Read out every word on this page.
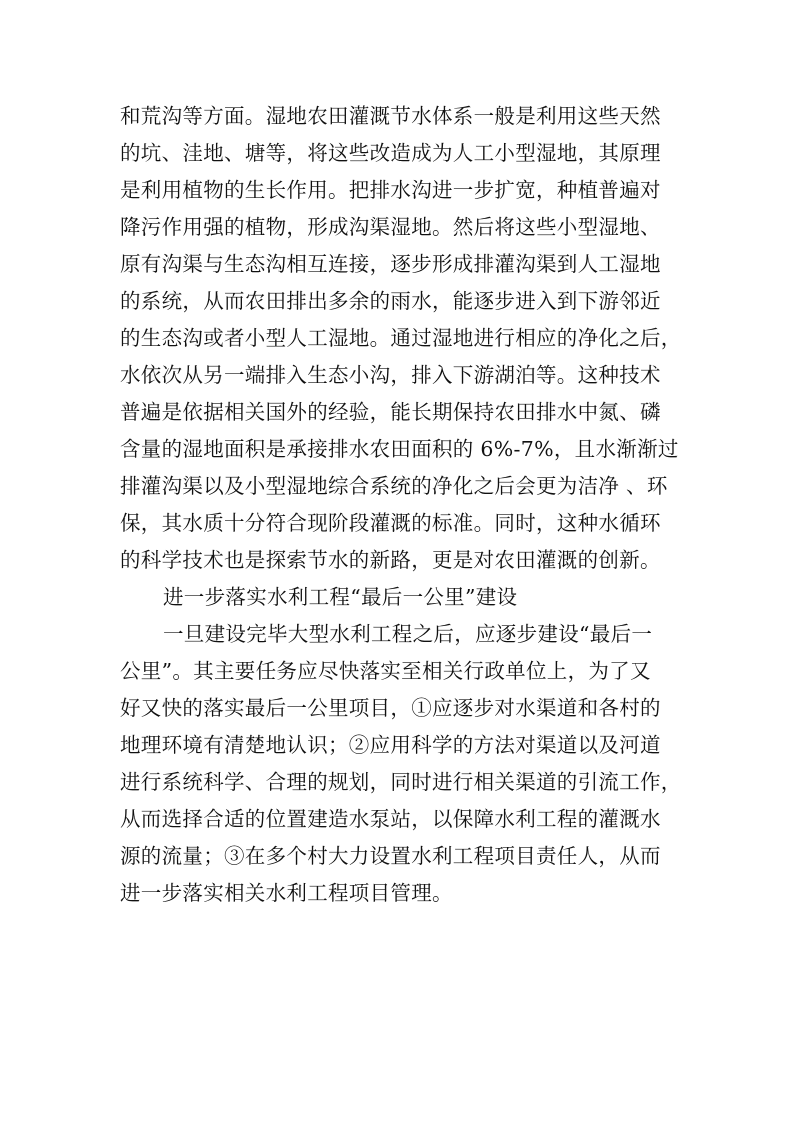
和荒沟等方面。湿地农田灌溉节水体系一般是利用这些天然
的坑、洼地、塘等，将这些改造成为人工小型湿地，其原理
是利用植物的生长作用。把排水沟进一步扩宽，种植普遍对
降污作用强的植物，形成沟渠湿地。然后将这些小型湿地、
原有沟渠与生态沟相互连接，逐步形成排灌沟渠到人工湿地
的系统，从而农田排出多余的雨水，能逐步进入到下游邻近
的生态沟或者小型人工湿地。通过湿地进行相应的净化之后，
水依次从另一端排入生态小沟，排入下游湖泊等。这种技术
普遍是依据相关国外的经验，能长期保持农田排水中氮、磷
含量的湿地面积是承接排水农田面积的 6%-7%，且水渐渐过
排灌沟渠以及小型湿地综合系统的净化之后会更为洁净 、环
保，其水质十分符合现阶段灌溉的标准。同时，这种水循环
的科学技术也是探索节水的新路，更是对农田灌溉的创新。
进一步落实水利工程“最后一公里”建设
一旦建设完毕大型水利工程之后，应逐步建设“最后一
公里”。其主要任务应尽快落实至相关行政单位上，为了又
好又快的落实最后一公里项目，①应逐步对水渠道和各村的
地理环境有清楚地认识；②应用科学的方法对渠道以及河道
进行系统科学、合理的规划，同时进行相关渠道的引流工作，
从而选择合适的位置建造水泵站，以保障水利工程的灌溉水
源的流量；③在多个村大力设置水利工程项目责任人，从而
进一步落实相关水利工程项目管理。
